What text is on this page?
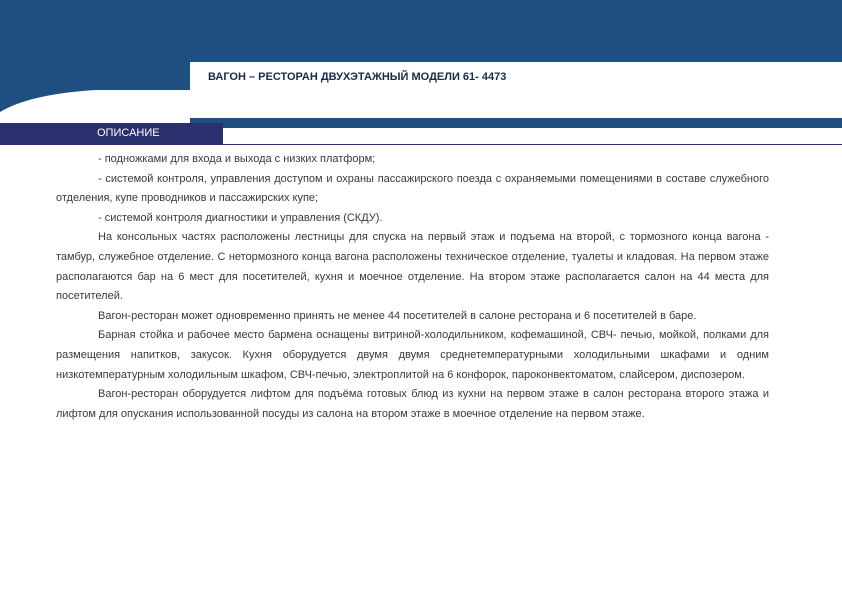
ВАГОН – РЕСТОРАН ДВУХЭТАЖНЫЙ МОДЕЛИ 61- 4473
www.tvz.ru
ОПИСАНИЕ

- подножками для входа и выхода с низких платформ;

- системой контроля, управления доступом и охраны пассажирского поезда с охраняемыми помещениями в составе служебного отделения, купе проводников и пассажирских купе;

- системой контроля диагностики и управления (СКДУ).

На консольных частях расположены лестницы для спуска на первый этаж и подъема на второй, с тормозного конца вагона - тамбур, служебное отделение. С нетормозного конца вагона расположены техническое отделение, туалеты и кладовая. На первом этаже располагаются бар на 6 мест для посетителей, кухня и моечное отделение. На втором этаже располагается салон на 44 места для посетителей.

Вагон-ресторан может одновременно принять не менее 44 посетителей в салоне ресторана и 6 посетителей в баре.

Барная стойка и рабочее место бармена оснащены витриной-холодильником, кофемашиной, СВЧ- печью, мойкой, полками для размещения напитков, закусок. Кухня оборудуется двумя двумя среднетемпературными холодильными шкафами и одним низкотемпературным холодильным шкафом, СВЧ-печью, электроплитой на 6 конфорок, пароконвектоматом, слайсером, диспозером.

Вагон-ресторан оборудуется лифтом для подъёма готовых блюд из кухни на первом этаже в салон ресторана второго этажа и лифтом для опускания использованной посуды из салона на втором этаже в моечное отделение на первом этаже.
